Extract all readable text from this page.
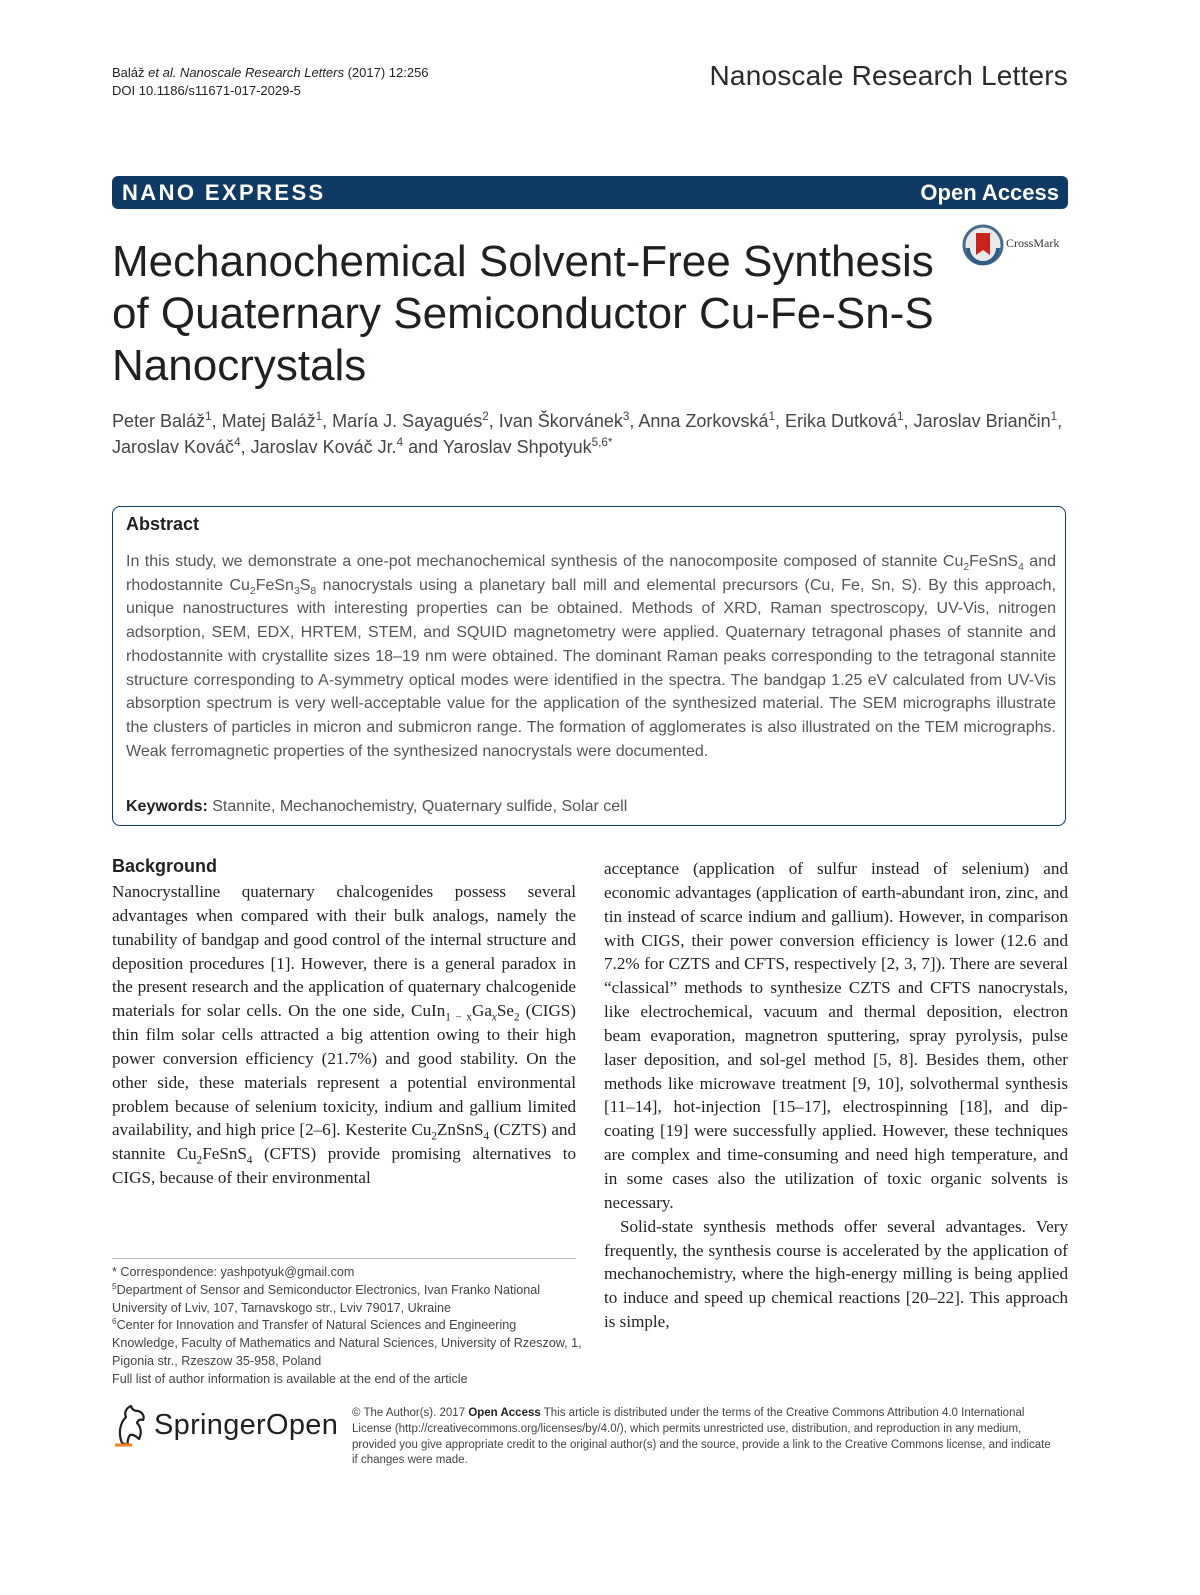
Baláž et al. Nanoscale Research Letters (2017) 12:256
DOI 10.1186/s11671-017-2029-5	Nanoscale Research Letters
NANO EXPRESS	Open Access
Mechanochemical Solvent-Free Synthesis of Quaternary Semiconductor Cu-Fe-Sn-S Nanocrystals
CrossMark
Peter Baláž$^1$, Matej Baláž$^1$, María J. Sayagués$^2$, Ivan Škorvánek$^3$, Anna Zorkovská$^1$, Erika Dutková$^1$, Jaroslav Briančin$^1$, Jaroslav Kováč$^4$, Jaroslav Kováč Jr.$^4$ and Yaroslav Shpotyuk$^{5,6*}$
Abstract
In this study, we demonstrate a one-pot mechanochemical synthesis of the nanocomposite composed of stannite $Cu_2FeSnS_4$ and rhodostannite $Cu_2FeSn_3S_8$ nanocrystals using a planetary ball mill and elemental precursors (Cu, Fe, Sn, S). By this approach, unique nanostructures with interesting properties can be obtained. Methods of XRD, Raman spectroscopy, UV-Vis, nitrogen adsorption, SEM, EDX, HRTEM, STEM, and SQUID magnetometry were applied. Quaternary tetragonal phases of stannite and rhodostannite with crystallite sizes 18–19 nm were obtained. The dominant Raman peaks corresponding to the tetragonal stannite structure corresponding to A-symmetry optical modes were identified in the spectra. The bandgap 1.25 eV calculated from UV-Vis absorption spectrum is very well-acceptable value for the application of the synthesized material. The SEM micrographs illustrate the clusters of particles in micron and submicron range. The formation of agglomerates is also illustrated on the TEM micrographs. Weak ferromagnetic properties of the synthesized nanocrystals were documented.
Keywords: Stannite, Mechanochemistry, Quaternary sulfide, Solar cell
Background

Nanocrystalline quaternary chalcogenides possess several advantages when compared with their bulk analogs, namely the tunability of bandgap and good control of the internal structure and deposition procedures [1]. However, there is a general paradox in the present research and the application of quaternary chalcogenide materials for solar cells. On the one side, $CuIn_{1 - x}Ga_xSe_2$ (CIGS) thin film solar cells attracted a big attention owing to their high power conversion efficiency (21.7%) and good stability. On the other side, these materials represent a potential environmental problem because of selenium toxicity, indium and gallium limited availability, and high price [2–6]. Kesterite $Cu_2ZnSnS_4$ (CZTS) and stannite $Cu_2FeSnS_4$ (CFTS) provide promising alternatives to CIGS, because of their environmental

acceptance (application of sulfur instead of selenium) and economic advantages (application of earth-abundant iron, zinc, and tin instead of scarce indium and gallium). However, in comparison with CIGS, their power conversion efficiency is lower (12.6 and 7.2% for CZTS and CFTS, respectively [2, 3, 7]). There are several “classical” methods to synthesize CZTS and CFTS nanocrystals, like electrochemical, vacuum and thermal deposition, electron beam evaporation, magnetron sputtering, spray pyrolysis, pulse laser deposition, and sol-gel method [5, 8]. Besides them, other methods like microwave treatment [9, 10], solvothermal synthesis [11–14], hot-injection [15–17], electrospinning [18], and dip-coating [19] were successfully applied. However, these techniques are complex and time-consuming and need high temperature, and in some cases also the utilization of toxic organic solvents is necessary.

Solid-state synthesis methods offer several advantages. Very frequently, the synthesis course is accelerated by the application of mechanochemistry, where the high-energy milling is being applied to induce and speed up chemical reactions [20–22]. This approach is simple,

* Correspondence: yashpotyuk@gmail.com
$^5$Department of Sensor and Semiconductor Electronics, Ivan Franko National University of Lviv, 107, Tarnavskogo str., Lviv 79017, Ukraine
$^6$Center for Innovation and Transfer of Natural Sciences and Engineering Knowledge, Faculty of Mathematics and Natural Sciences, University of Rzeszow, 1, Pigonia str., Rzeszow 35-958, Poland
Full list of author information is available at the end of the article
SpringerOpen © The Author(s). 2017 Open Access This article is distributed under the terms of the Creative Commons Attribution 4.0 International License (http://creativecommons.org/licenses/by/4.0/), which permits unrestricted use, distribution, and reproduction in any medium, provided you give appropriate credit to the original author(s) and the source, provide a link to the Creative Commons license, and indicate if changes were made.
